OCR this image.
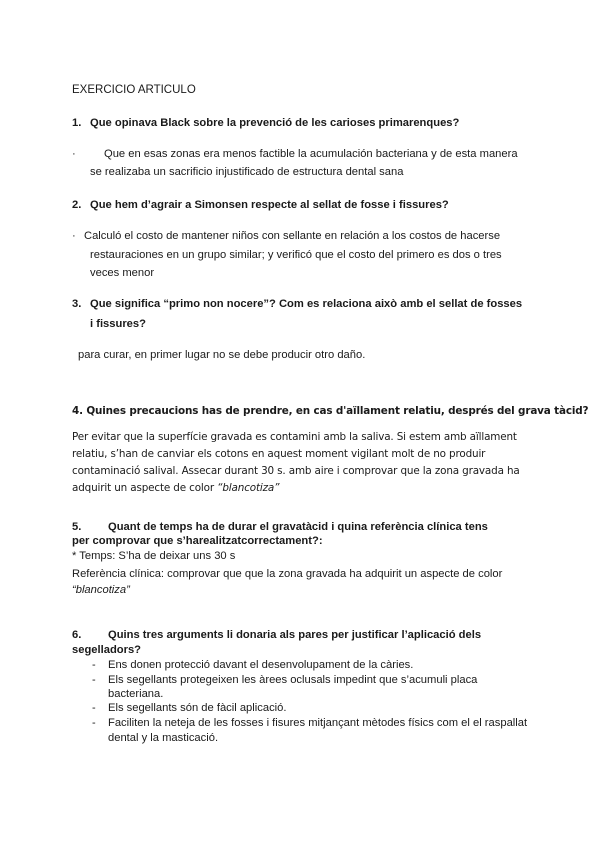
EXERCICIO ARTICULO
1. Que opinava Black sobre la prevenció de les carioses primarenques?
·	Que en esas zonas era menos factible la acumulación bacteriana y de esta manera
se realizaba un sacrificio injustificado de estructura dental sana
2. Que hem d’agrair a Simonsen respecte al sellat de fosse i fissures?
· Calculó el costo de mantener niños con sellante en relación a los costos de hacerse
restauraciones en un grupo similar; y verificó que el costo del primero es dos o tres
veces menor
3. Que significa “primo non nocere”? Com es relaciona això amb el sellat de fosses
i fissures?
para curar, en primer lugar no se debe producir otro daño.
4. Quines precaucions has de prendre, en cas d'aïllament relatiu, després del grava tàcid?
Per evitar que la superfície gravada es contamini amb la saliva. Si estem amb aïllament
relatiu, s’han de canviar els cotons en aquest moment vigilant molt de no produir
contaminació salival. Assecar durant 30 s. amb aire i comprovar que la zona gravada ha
adquirit un aspecte de color “blancotiza”
5. Quant de temps ha de durar el gravatàcid i quina referència clínica tens
per comprovar que s’harealitzatcorrectament?:
* Temps: S’ha de deixar uns 30 s
Referència clínica: comprovar que que la zona gravada ha adquirit un aspecte de color
“blancotiza”
6. Quins tres arguments li donaria als pares per justificar l’aplicació dels
segelladors?
- Ens donen protecció davant el desenvolupament de la càries.
- Els segellants protegeixen les àrees oclusals impedint que s’acumuli placa
bacteriana.
- Els segellants són de fàcil aplicació.
- Faciliten la neteja de les fosses i fisures mitjançant mètodes físics com el el raspallat
dental y la masticació.
